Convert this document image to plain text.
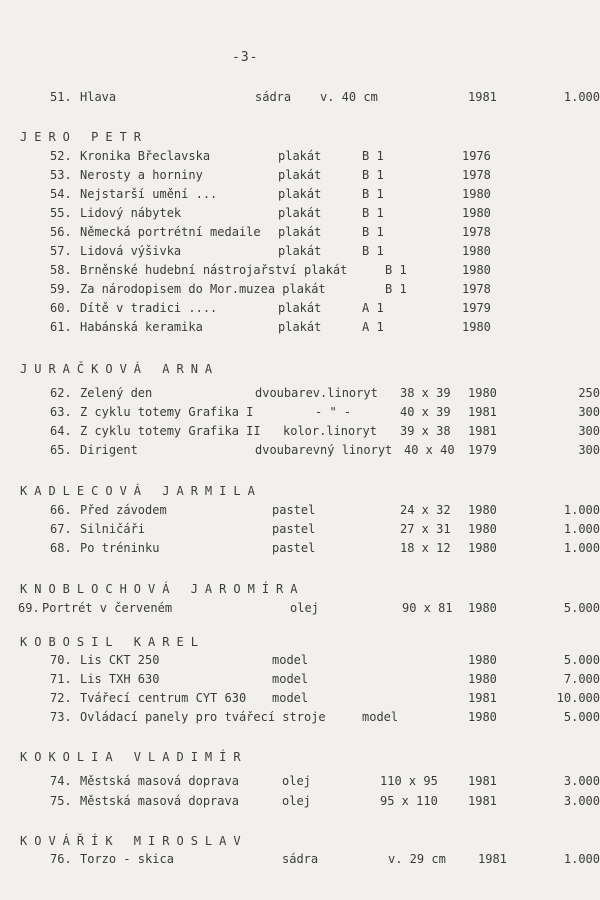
-3-
51. Hlava	sádra v. 40 cm	1981	1.000
JERO PETR
52. Kronika Břeclavska	plakát	B 1	1976
53. Nerosty a horniny	plakát	B 1	1978
54. Nejstarší umění ...	plakát	B 1	1980
55. Lidový nábytek	plakát	B 1	1980
56. Německá portrétní medaile plakát	B 1	1978
57. Lidová výšivka	plakát	B 1	1980
58. Brněnské hudební nástrojařství plakát	B 1	1980
59. Za národopisem do Mor.muzea plakát	B 1	1978
60. Dítě v tradici ....	plakát	A 1	1979
61. Habánská keramika	plakát	A 1	1980
JURAČKOVÁ ARNA
62. Zelený den	dvoubarev.linoryt 38 x 39 1980	250
63. Z cyklu totemy Grafika I	- " -	40 x 39 1981	300
64. Z cyklu totemy Grafika II kolor.linoryt 39 x 38 1981	300
65. Dirigent	dvoubarevný linoryt 40 x 40 1979	300
KADLECOVÁ JARMILA
66. Před závodem	pastel	24 x 32 1980	1.000
67. Silničáři	pastel	27 x 31 1980	1.000
68. Po tréninku	pastel	18 x 12 1980	1.000
KNOBLOCHOVÁ JAROMÍRA
69. Portrét v červeném	olej	90 x 81 1980	5.000
KOBOSIL KAREL
70. Lis CKT 250	model	1980	5.000
71. Lis TXH 630	model	1980	7.000
72. Tvářecí centrum CYT 630 model	1981	10.000
73. Ovládací panely pro tvářecí stroje	model	1980	5.000
KOKOLIA VLADIMÍR
74. Městská masová doprava	olej	110 x 95	1981	3.000
75. Městská masová doprava	olej	95 x 110	1981	3.000
KOVÁŘÍK MIROSLAV
76. Torzo - skica	sádra	v. 29 cm	1981	1.000
